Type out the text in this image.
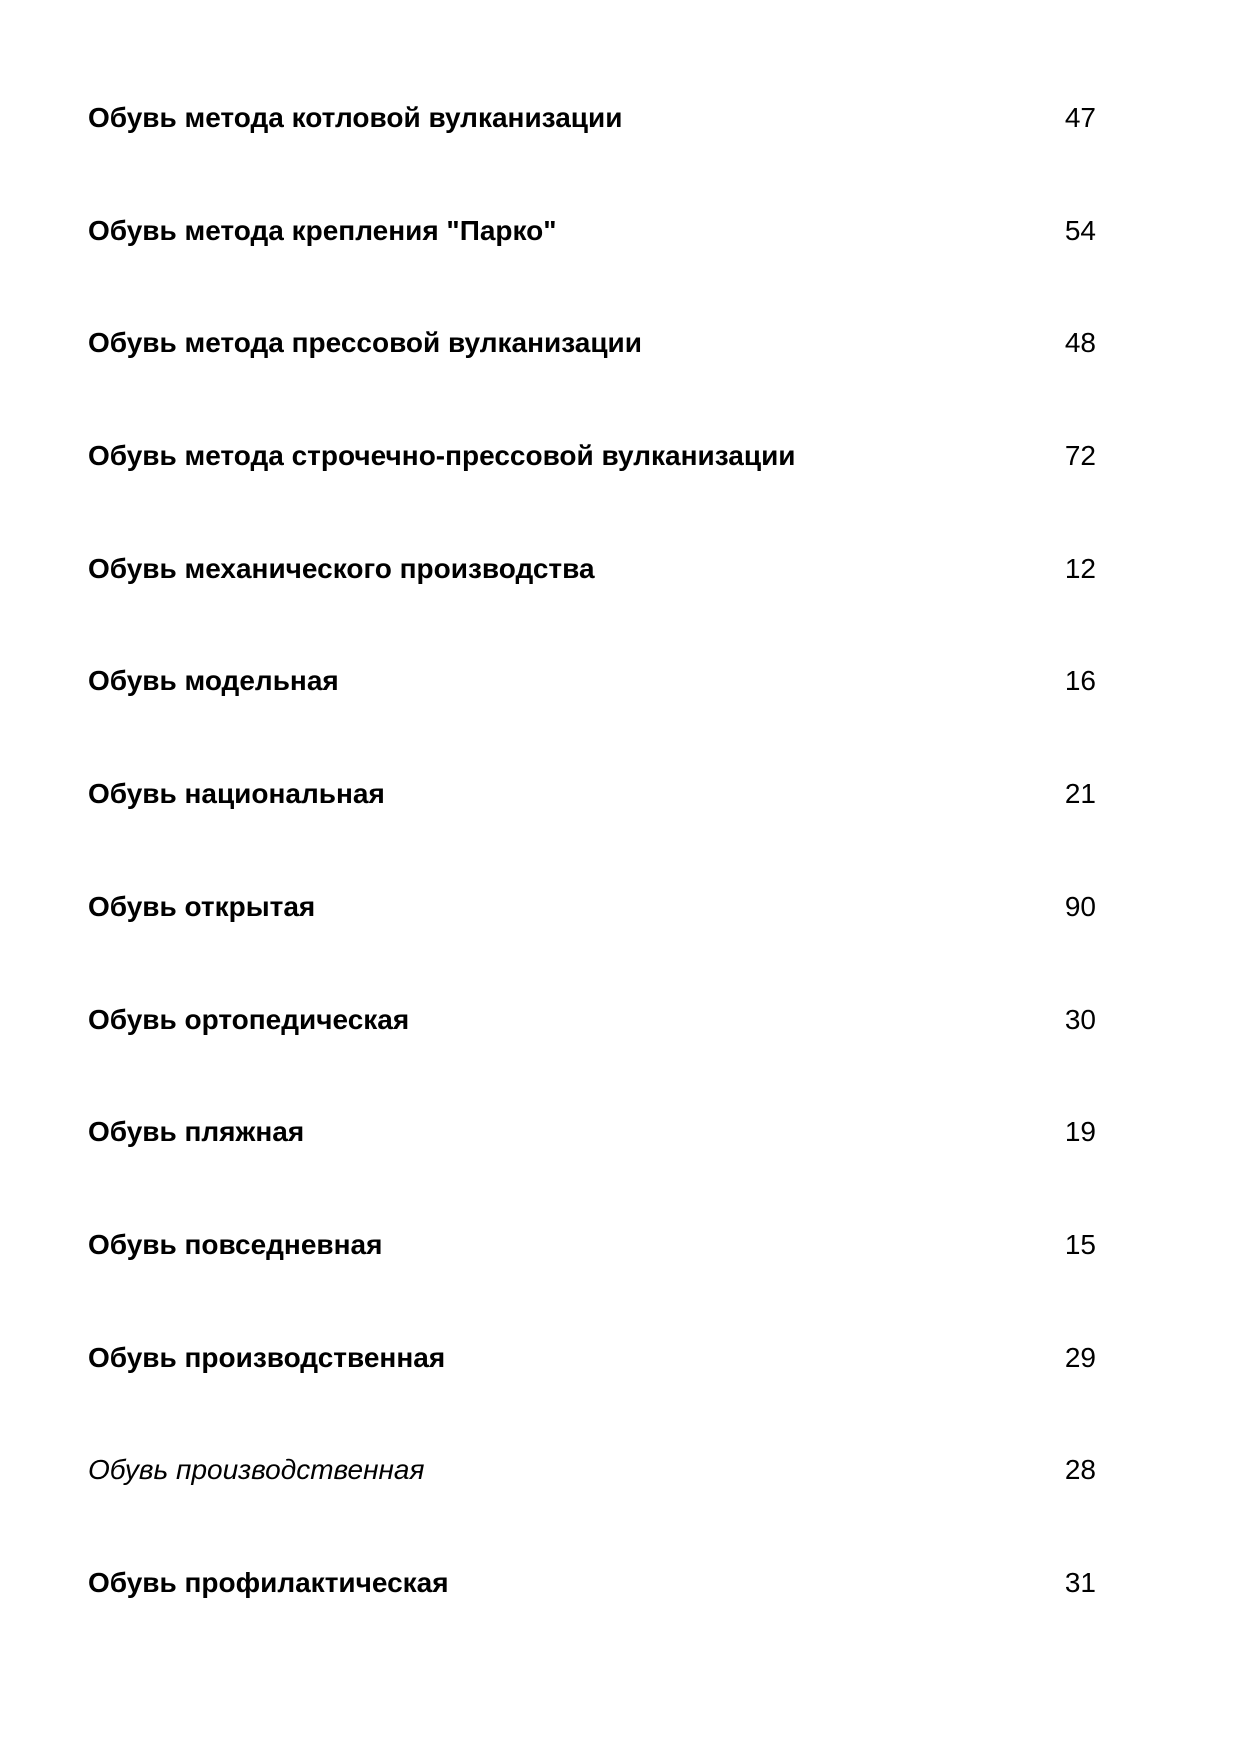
Обувь метода котловой вулканизации	47
Обувь метода крепления "Парко"	54
Обувь метода прессовой вулканизации	48
Обувь метода строчечно-прессовой вулканизации	72
Обувь механического производства	12
Обувь модельная	16
Обувь национальная	21
Обувь открытая	90
Обувь ортопедическая	30
Обувь пляжная	19
Обувь повседневная	15
Обувь производственная	29
Обувь производственная	28
Обувь профилактическая	31
